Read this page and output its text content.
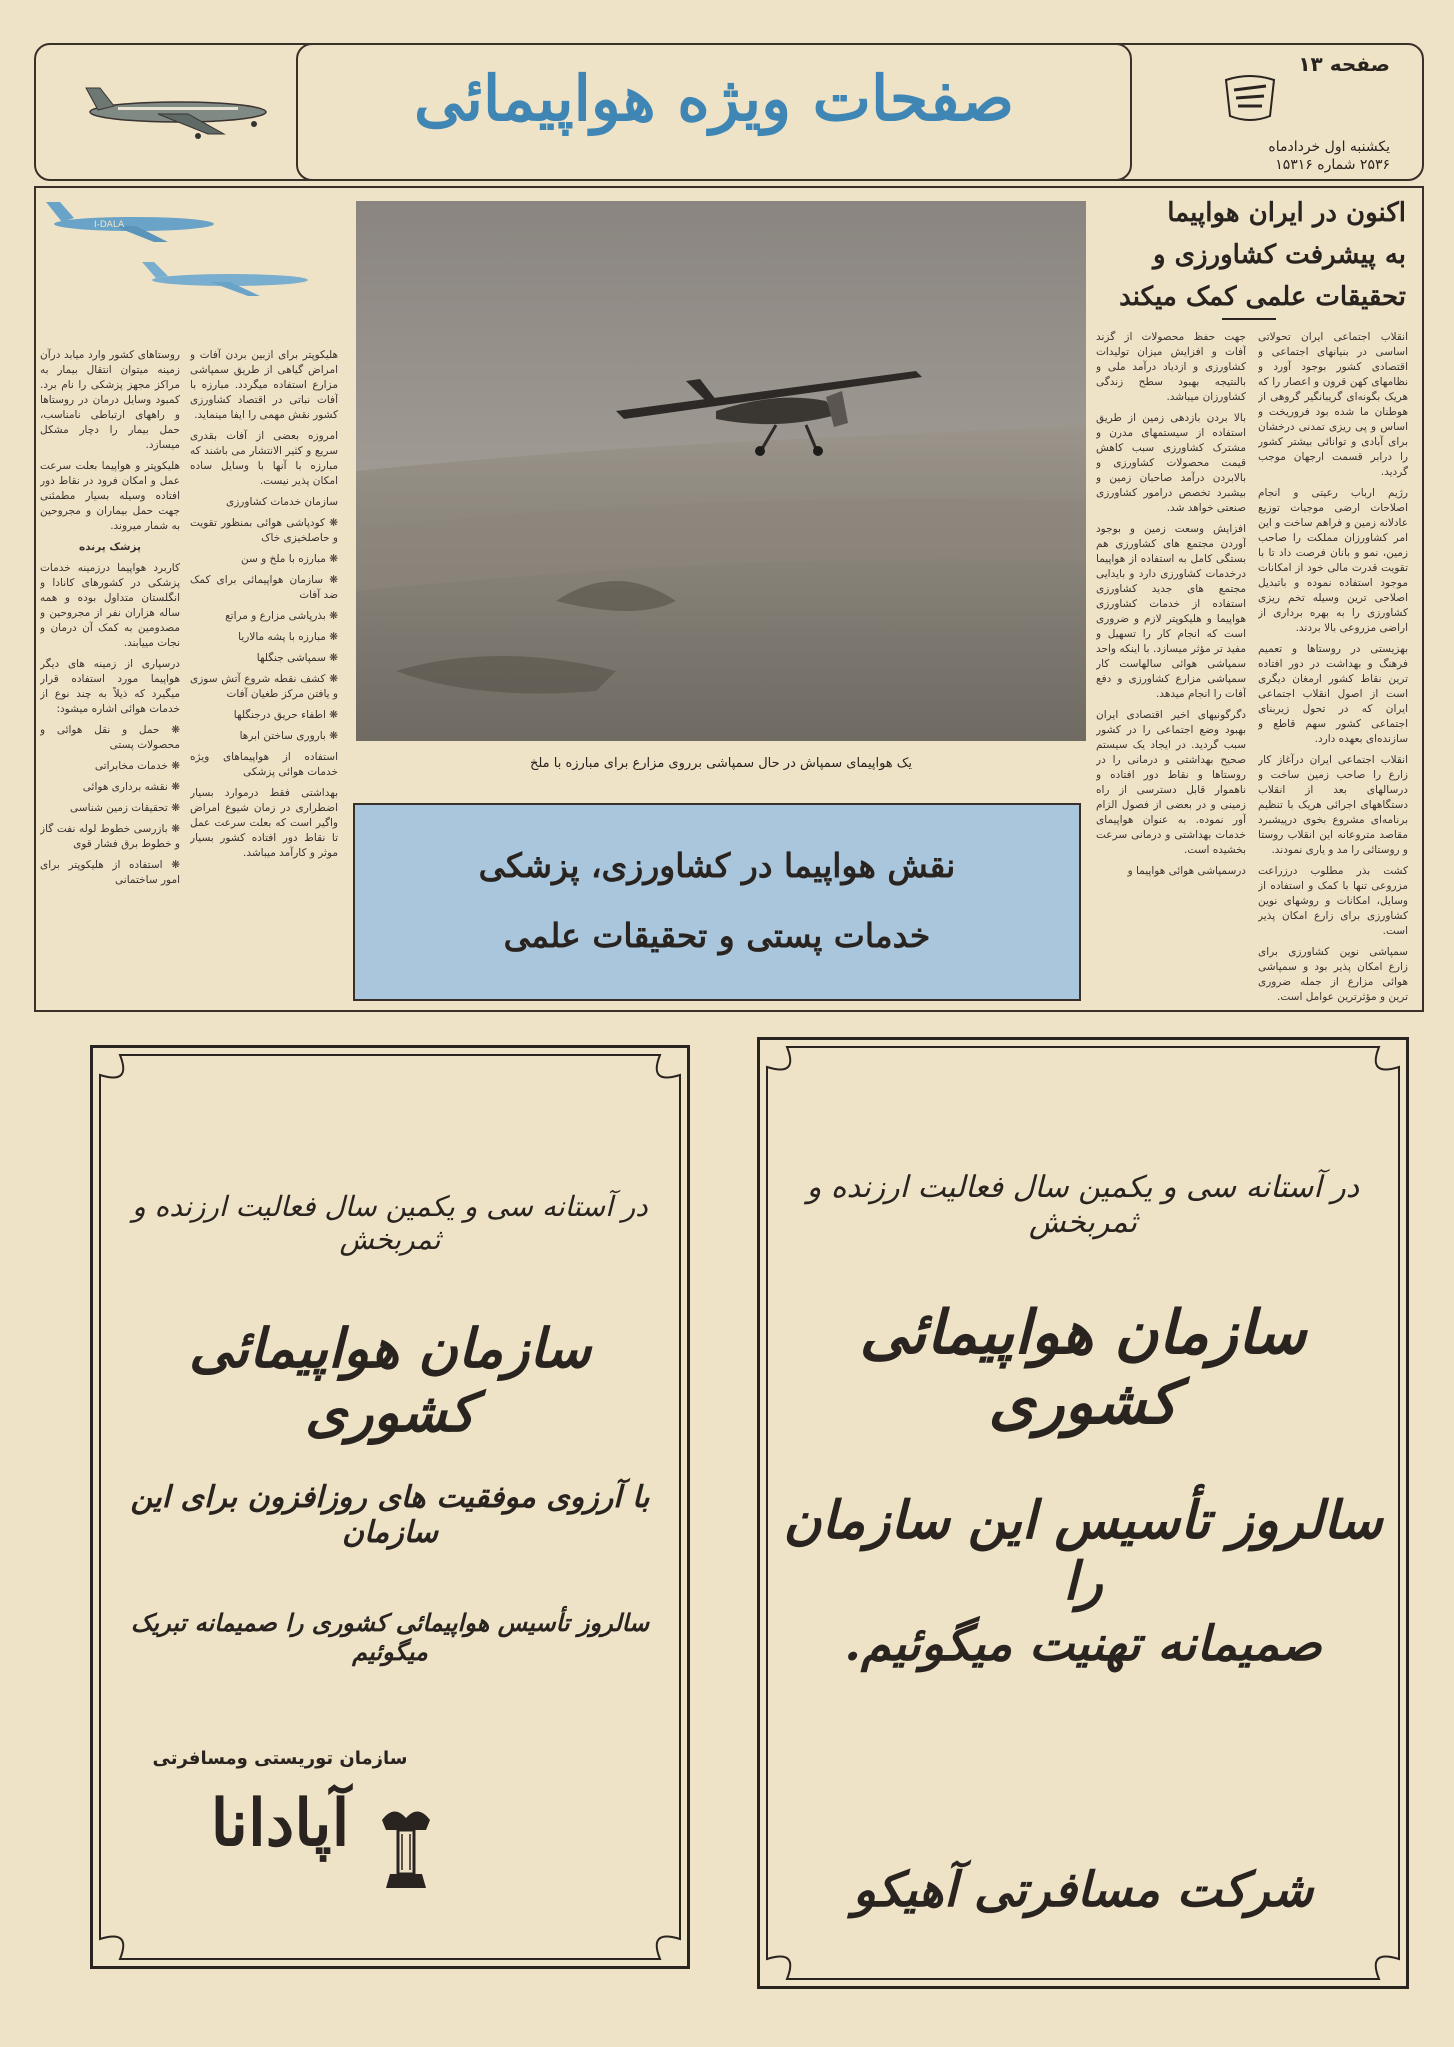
صفحات ویژه هواپیمائی	صفحه ۱۳
یکشنبه اول خردادماه
۲۵۳۶ شماره ۱۵۳۱۶
اکنون در ایران هواپیما
به پیشرفت کشاورزی و
تحقیقات علمی کمک میکند

انقلاب اجتماعی ایران تحولاتی اساسی در بنیانهای اجتماعی و اقتصادی کشور بوجود آورد و نظامهای کهن قرون و اعصار را که هریک بگونه‌ای گریبانگیر گروهی از هوطنان ما شده بود فروریخت و اساس و پی ریزی تمدنی درخشان برای آبادی و توانائی بیشتر کشور را درابر قسمت ارجهان موجب گردید.

رژیم ارباب رعیتی و انجام اصلاحات ارضی موجبات توزیع عادلانه زمین و فراهم ساخت و این امر کشاورزان مملکت را صاحب زمین، نمو و بانان فرصت داد تا با تقویت قدرت مالی خود از امکانات موجود استفاده نموده و باتبدیل اصلاحی ترین وسیله تخم ریزی کشاورزی را به بهره برداری از اراضی مزروعی بالا بردند.

بهزیستی در روستاها و تعمیم فرهنگ و بهداشت در دور افتاده ترین نقاط کشور ارمغان دیگری است از اصول انقلاب اجتماعی ایران که در تحول زیربنای اجتماعی کشور سهم قاطع و سازنده‌ای بعهده دارد.

انقلاب اجتماعی ایران درآغاز کار زارع را صاحب زمین ساخت و درسالهای بعد از انقلاب دستگاههای اجرائی هریک با تنظیم برنامه‌ای مشروع بخوی درپیشبرد مقاصد متروعانه این انقلاب روستا و روستائی را مد و یاری نمودند.

کشت بذر مطلوب درزراعت مزروعی تنها با کمک و استفاده از وسایل، امکانات و روشهای نوین کشاورزی برای زارع امکان پذیر است.

سمپاشی نوین کشاورزی برای زارع امکان پذیر بود و سمپاشی هوائی مزارع از جمله ضروری ترین و مؤثرترین عوامل است.

جهت حفظ محصولات از گزند آفات و افزایش میزان تولیدات کشاورزی و ازدیاد درآمد ملی و بالنتیجه بهبود سطح زندگی کشاورزان میباشد.

بالا بردن بازدهی زمین از طریق استفاده از سیستمهای مدرن و مشترک کشاورزی سبب کاهش قیمت محصولات کشاورزی و بالابردن درآمد صاحبان زمین و بیشبرد تخصص درامور کشاورزی صنعتی خواهد شد.

افزایش وسعت زمین و بوجود آوردن مجتمع های کشاورزی هم بستگی کامل به استفاده از هواپیما درخدمات کشاورزی دارد و بایدایی مجتمع های جدید کشاورزی استفاده از خدمات کشاورزی هواپیما و هلیکوپتر لازم و ضروری است که انجام کار را تسهیل و مفید تر مؤثر میسازد. با اینکه واحد سمپاشی هوائی سالهاست کار سمپاشی مزارع کشاورزی و دفع آفات را انجام میدهد.

دگرگونیهای اخیر اقتصادی ایران بهبود وضع اجتماعی را در کشور سبب گردید. در ایجاد یک سیستم صحیح بهداشتی و درمانی را در روستاها و نقاط دور افتاده و ناهموار قابل دسترسی از راه زمینی و در بعضی از فصول الزام آور نموده. به عنوان هواپیمای خدمات بهداشتی و درمانی سرعت بخشیده است.

درسمپاشی هوائی هواپیما و

یک هواپیمای سمپاش در حال سمپاشی برروی مزارع برای مبارزه با ملخ
نقش هواپیما در کشاورزی، پزشکی
خدمات پستی و تحقیقات علمی
I-DALA

هلیکوپتر برای ازبین بردن آفات و امراض گیاهی از طریق سمپاشی مزارع استفاده میگردد. مبارزه با آفات نباتی در اقتصاد کشاورزی کشور نقش مهمی را ایفا مینماید.

امروزه بعضی از آفات بقدری سریع و کثیر الانتشار می باشند که مبارزه با آنها با وسایل ساده امکان پذیر نیست.

سازمان خدمات کشاورزی

❋ کودپاشی هوائی بمنظور تقویت و حاصلخیزی خاک

❋ مبارزه با ملخ و سن

❋ سازمان هواپیمائی برای کمک ضد آفات

❋ بذرپاشی مزارع و مراتع

❋ مبارزه با پشه مالاریا

❋ سمپاشی جنگلها

❋ کشف نقطه شروع آتش سوزی و یافتن مرکز طغیان آفات

❋ اطفاء حریق درجنگلها

❋ باروری ساختن ابرها

استفاده از هواپیماهای ویژه خدمات هوائی پزشکی

بهداشتی فقط درموارد بسیار اضطراری در زمان شیوع امراض واگیر است که بعلت سرعت عمل تا نقاط دور افتاده کشور بسیار موثر و کارآمد میباشد.

روستاهای کشور وارد میابد درآن زمینه میتوان انتقال بیمار به مراکز مجهز پزشکی را نام برد. کمبود وسایل درمان در روستاها و راههای ارتباطی نامناسب، حمل بیمار را دچار مشکل میسازد.

هلیکوپتر و هواپیما بعلت سرعت عمل و امکان فرود در نقاط دور افتاده وسیله بسیار مطمئنی جهت حمل بیماران و مجروحین به شمار میروند.

پزشک پرنده

کاربرد هواپیما درزمینه خدمات پزشکی در کشورهای کانادا و انگلستان متداول بوده و همه ساله هزاران نفر از مجروحین و مصدومین به کمک آن درمان و نجات مییابند.

درسپاری از زمینه های دیگر هواپیما مورد استفاده قرار میگیرد که ذیلاً به چند نوع از خدمات هوائی اشاره میشود:

❋ حمل و نقل هوائی و محصولات پستی

❋ خدمات مخابراتی

❋ نقشه برداری هوائی

❋ تحقیقات زمین شناسی

❋ بازرسی خطوط لوله نفت گاز و خطوط برق فشار قوی

❋ استفاده از هلیکوپتر برای امور ساختمانی

در آستانه سی و یکمین سال فعالیت ارزنده و ثمربخش
سازمان هواپیمائی کشوری
سالروز تأسیس این سازمان را
صمیمانه تهنیت میگوئیم.
شرکت مسافرتی آهیکو
در آستانه سی و یکمین سال فعالیت ارزنده و ثمربخش
سازمان هواپیمائی کشوری
با آرزوی موفقیت های روزافزون برای این سازمان
سالروز تأسیس هواپیمائی کشوری را صمیمانه تبریک میگوئیم
سازمان توریستی ومسافرتی
آپادانا
